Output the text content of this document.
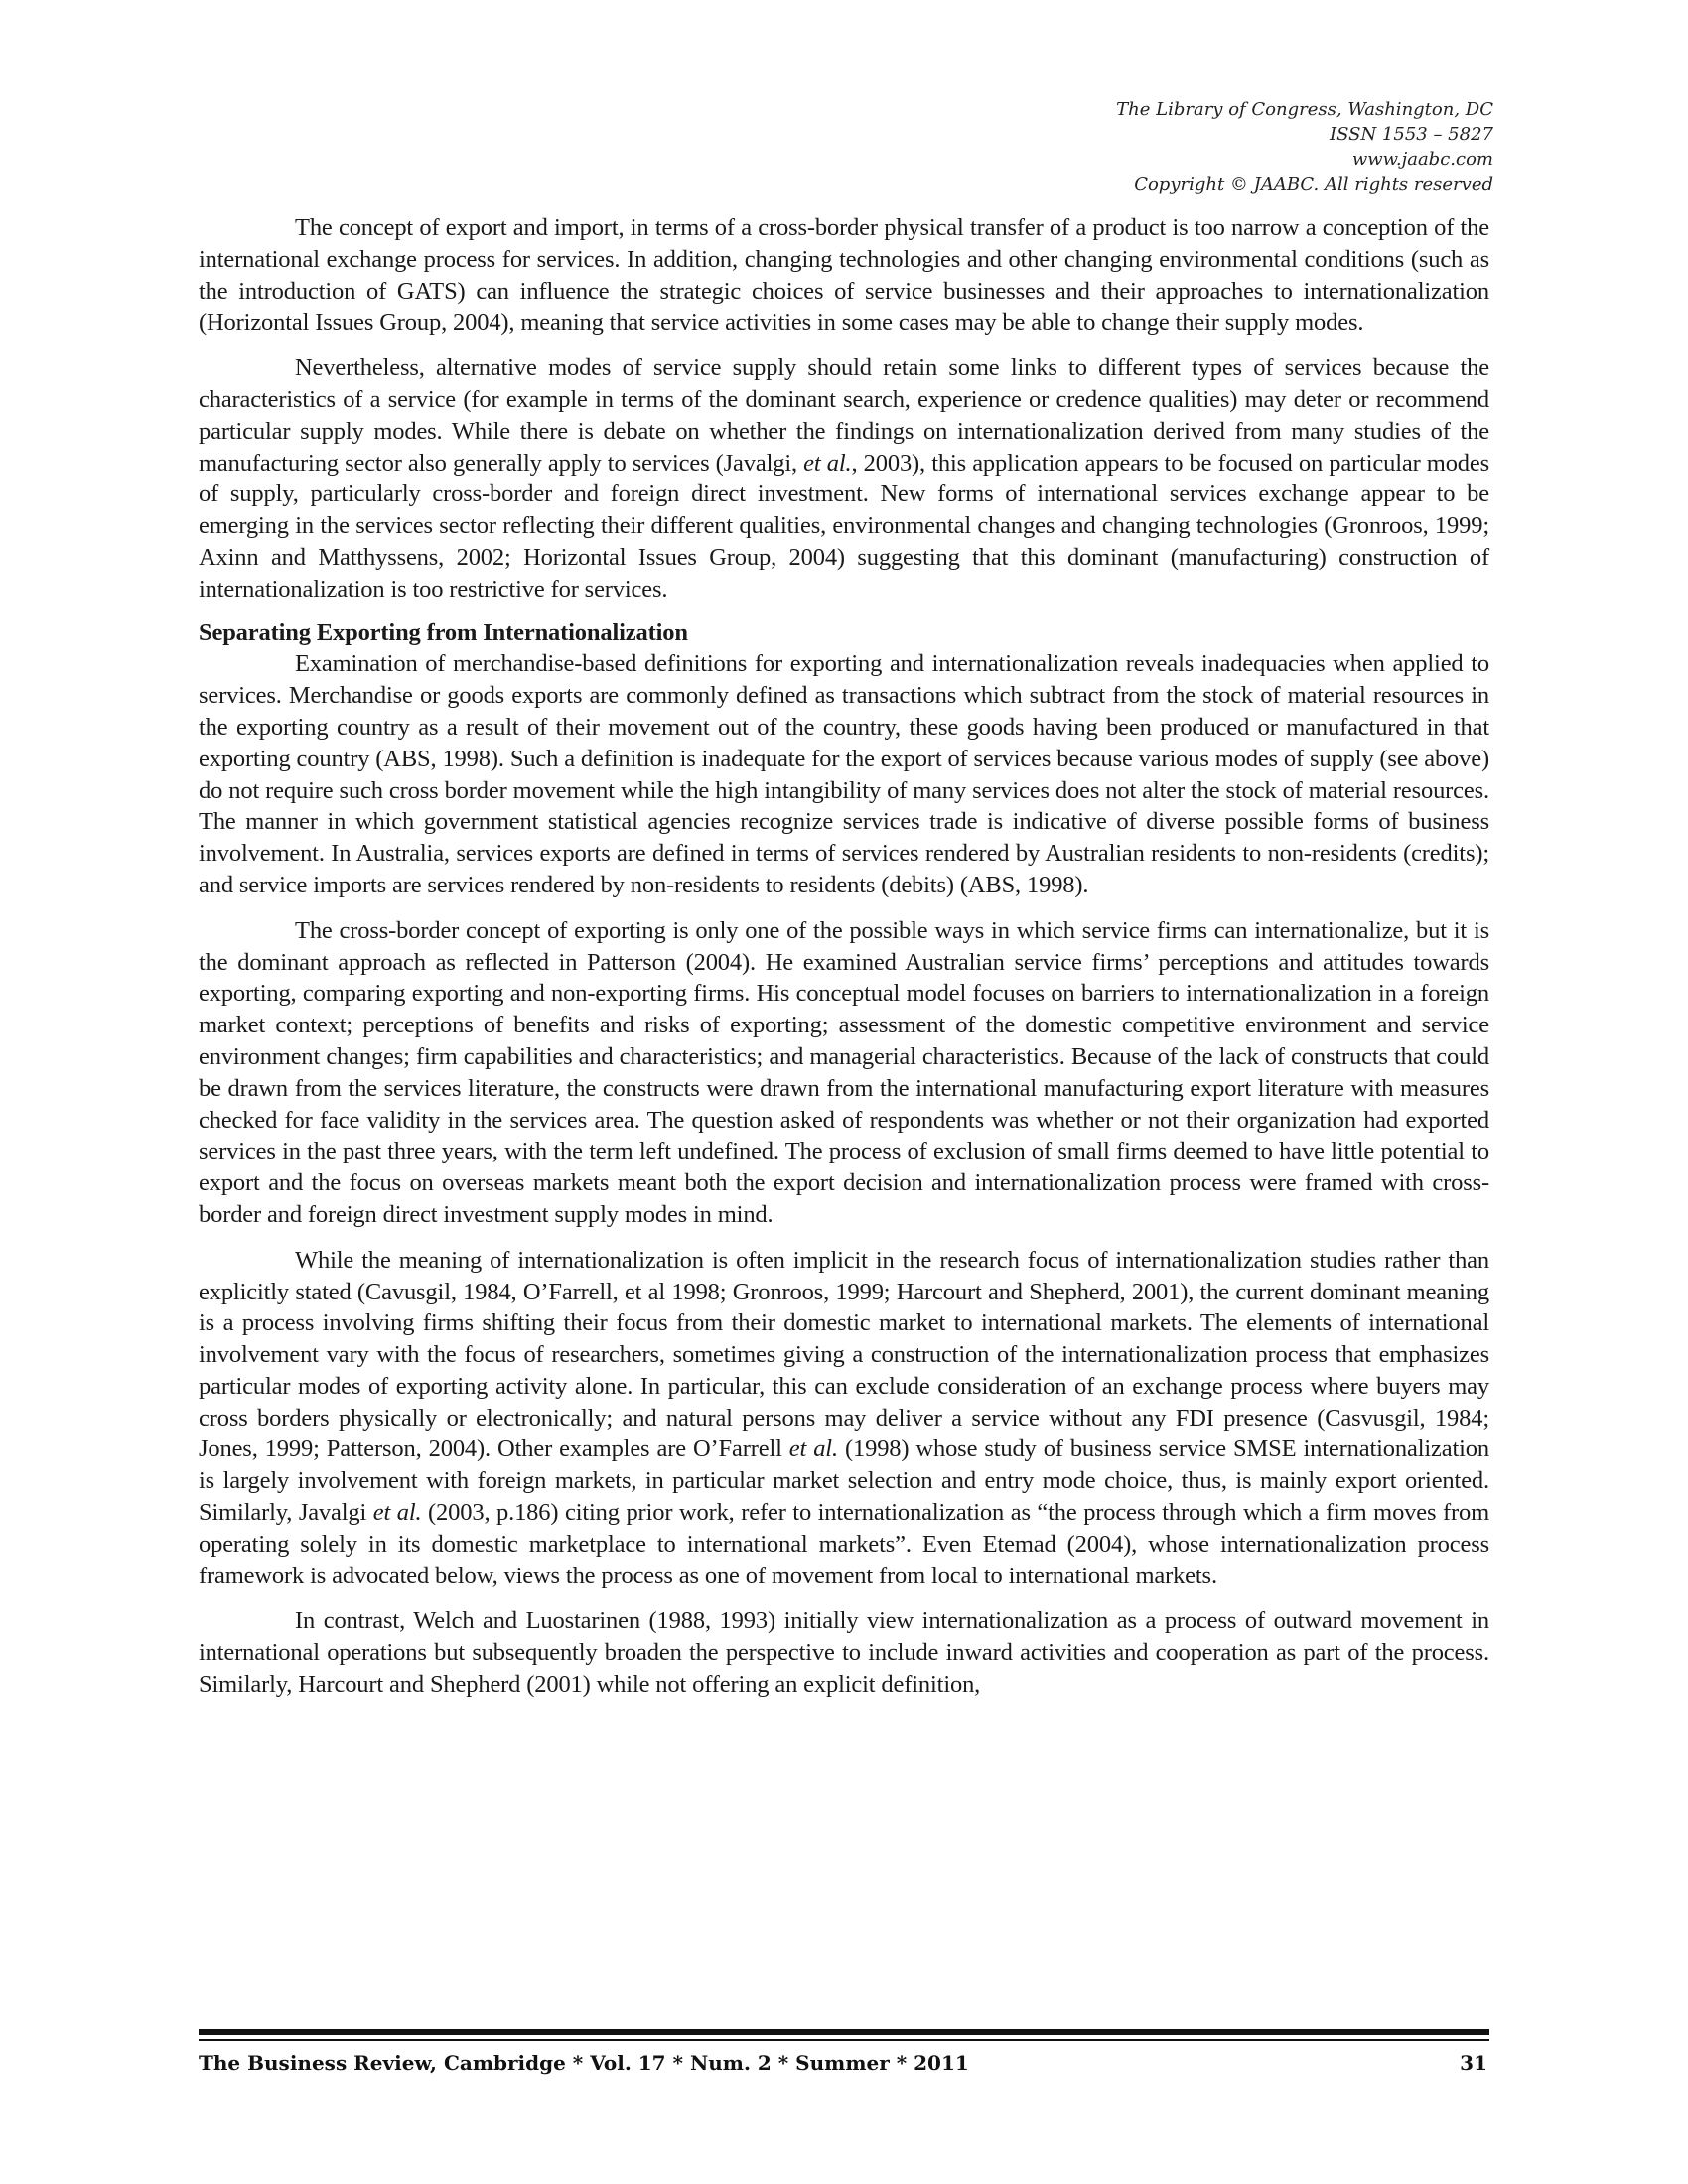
The Library of Congress, Washington, DC
ISSN 1553 – 5827
www.jaabc.com
Copyright © JAABC. All rights reserved

The concept of export and import, in terms of a cross-border physical transfer of a product is too narrow a conception of the international exchange process for services. In addition, changing technologies and other changing environmental conditions (such as the introduction of GATS) can influence the strategic choices of service businesses and their approaches to internationalization (Horizontal Issues Group, 2004), meaning that service activities in some cases may be able to change their supply modes.

Nevertheless, alternative modes of service supply should retain some links to different types of services because the characteristics of a service (for example in terms of the dominant search, experience or credence qualities) may deter or recommend particular supply modes. While there is debate on whether the findings on internationalization derived from many studies of the manufacturing sector also generally apply to services (Javalgi, et al., 2003), this application appears to be focused on particular modes of supply, particularly cross-border and foreign direct investment. New forms of international services exchange appear to be emerging in the services sector reflecting their different qualities, environmental changes and changing technologies (Gronroos, 1999; Axinn and Matthyssens, 2002; Horizontal Issues Group, 2004) suggesting that this dominant (manufacturing) construction of internationalization is too restrictive for services.

Separating Exporting from Internationalization

Examination of merchandise-based definitions for exporting and internationalization reveals inadequacies when applied to services. Merchandise or goods exports are commonly defined as transactions which subtract from the stock of material resources in the exporting country as a result of their movement out of the country, these goods having been produced or manufactured in that exporting country (ABS, 1998). Such a definition is inadequate for the export of services because various modes of supply (see above) do not require such cross border movement while the high intangibility of many services does not alter the stock of material resources. The manner in which government statistical agencies recognize services trade is indicative of diverse possible forms of business involvement. In Australia, services exports are defined in terms of services rendered by Australian residents to non-residents (credits); and service imports are services rendered by non-residents to residents (debits) (ABS, 1998).

The cross-border concept of exporting is only one of the possible ways in which service firms can internationalize, but it is the dominant approach as reflected in Patterson (2004). He examined Australian service firms’ perceptions and attitudes towards exporting, comparing exporting and non-exporting firms. His conceptual model focuses on barriers to internationalization in a foreign market context; perceptions of benefits and risks of exporting; assessment of the domestic competitive environment and service environment changes; firm capabilities and characteristics; and managerial characteristics. Because of the lack of constructs that could be drawn from the services literature, the constructs were drawn from the international manufacturing export literature with measures checked for face validity in the services area. The question asked of respondents was whether or not their organization had exported services in the past three years, with the term left undefined. The process of exclusion of small firms deemed to have little potential to export and the focus on overseas markets meant both the export decision and internationalization process were framed with cross-border and foreign direct investment supply modes in mind.

While the meaning of internationalization is often implicit in the research focus of internationalization studies rather than explicitly stated (Cavusgil, 1984, O’Farrell, et al 1998; Gronroos, 1999; Harcourt and Shepherd, 2001), the current dominant meaning is a process involving firms shifting their focus from their domestic market to international markets. The elements of international involvement vary with the focus of researchers, sometimes giving a construction of the internationalization process that emphasizes particular modes of exporting activity alone. In particular, this can exclude consideration of an exchange process where buyers may cross borders physically or electronically; and natural persons may deliver a service without any FDI presence (Casvusgil, 1984; Jones, 1999; Patterson, 2004). Other examples are O’Farrell et al. (1998) whose study of business service SMSE internationalization is largely involvement with foreign markets, in particular market selection and entry mode choice, thus, is mainly export oriented. Similarly, Javalgi et al. (2003, p.186) citing prior work, refer to internationalization as “the process through which a firm moves from operating solely in its domestic marketplace to international markets”. Even Etemad (2004), whose internationalization process framework is advocated below, views the process as one of movement from local to international markets.

In contrast, Welch and Luostarinen (1988, 1993) initially view internationalization as a process of outward movement in international operations but subsequently broaden the perspective to include inward activities and cooperation as part of the process. Similarly, Harcourt and Shepherd (2001) while not offering an explicit definition,

The Business Review, Cambridge * Vol. 17 * Num. 2 * Summer * 2011	31
